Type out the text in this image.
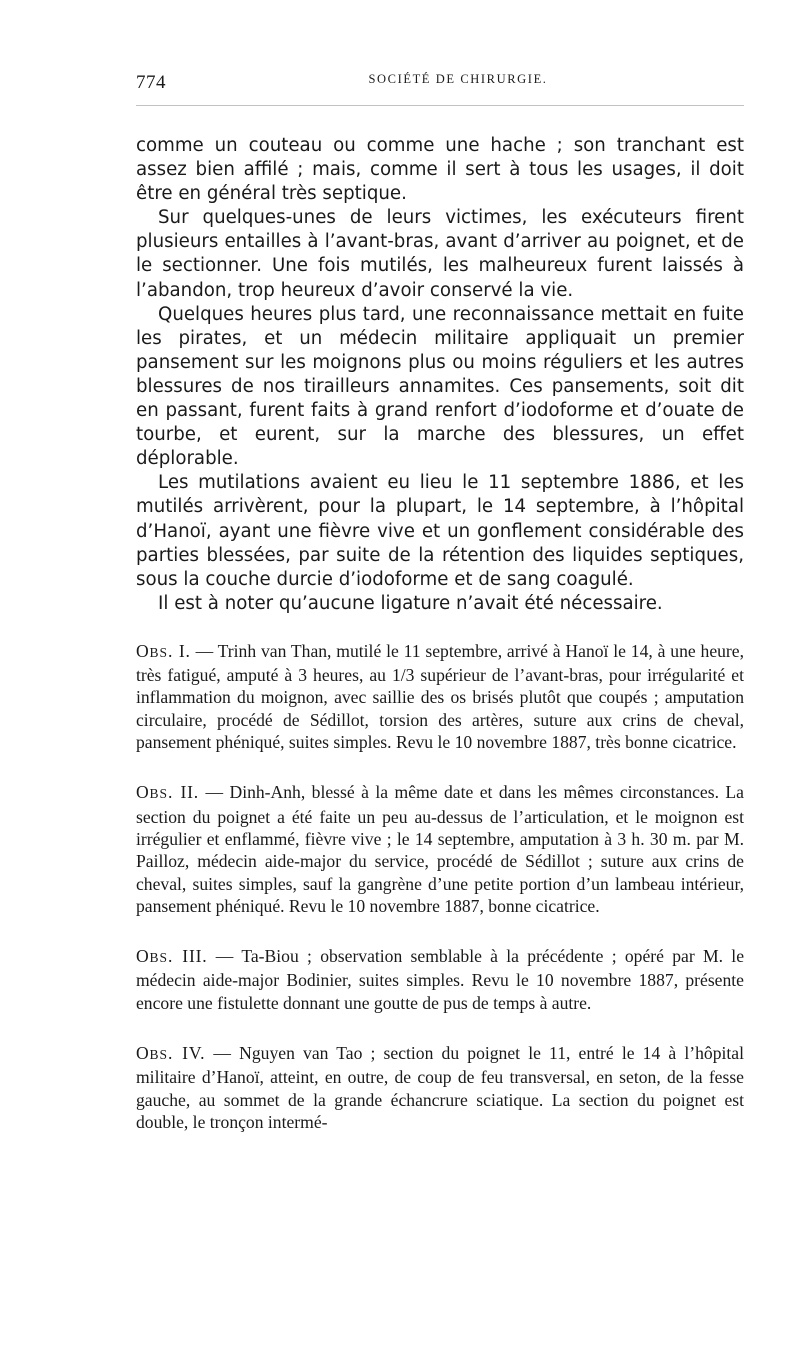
774	SOCIÉTÉ DE CHIRURGIE.

comme un couteau ou comme une hache ; son tranchant est assez bien affilé ; mais, comme il sert à tous les usages, il doit être en général très septique.

Sur quelques-unes de leurs victimes, les exécuteurs firent plusieurs entailles à l’avant-bras, avant d’arriver au poignet, et de le sectionner. Une fois mutilés, les malheureux furent laissés à l’abandon, trop heureux d’avoir conservé la vie.

Quelques heures plus tard, une reconnaissance mettait en fuite les pirates, et un médecin militaire appliquait un premier pansement sur les moignons plus ou moins réguliers et les autres blessures de nos tirailleurs annamites. Ces pansements, soit dit en passant, furent faits à grand renfort d’iodoforme et d’ouate de tourbe, et eurent, sur la marche des blessures, un effet déplorable.

Les mutilations avaient eu lieu le 11 septembre 1886, et les mutilés arrivèrent, pour la plupart, le 14 septembre, à l’hôpital d’Hanoï, ayant une fièvre vive et un gonflement considérable des parties blessées, par suite de la rétention des liquides septiques, sous la couche durcie d’iodoforme et de sang coagulé.

Il est à noter qu’aucune ligature n’avait été nécessaire.

OBS. I. — Trinh van Than, mutilé le 11 septembre, arrivé à Hanoï le 14, à une heure, très fatigué, amputé à 3 heures, au 1/3 supérieur de l’avant-bras, pour irrégularité et inflammation du moignon, avec saillie des os brisés plutôt que coupés ; amputation circulaire, procédé de Sédillot, torsion des artères, suture aux crins de cheval, pansement phéniqué, suites simples. Revu le 10 novembre 1887, très bonne cicatrice.

OBS. II. — Dinh-Anh, blessé à la même date et dans les mêmes circonstances. La section du poignet a été faite un peu au-dessus de l’articulation, et le moignon est irrégulier et enflammé, fièvre vive ; le 14 septembre, amputation à 3 h. 30 m. par M. Pailloz, médecin aide-major du service, procédé de Sédillot ; suture aux crins de cheval, suites simples, sauf la gangrène d’une petite portion d’un lambeau intérieur, pansement phéniqué. Revu le 10 novembre 1887, bonne cicatrice.

OBS. III. — Ta-Biou ; observation semblable à la précédente ; opéré par M. le médecin aide-major Bodinier, suites simples. Revu le 10 novembre 1887, présente encore une fistulette donnant une goutte de pus de temps à autre.

OBS. IV. — Nguyen van Tao ; section du poignet le 11, entré le 14 à l’hôpital militaire d’Hanoï, atteint, en outre, de coup de feu transversal, en seton, de la fesse gauche, au sommet de la grande échancrure sciatique. La section du poignet est double, le tronçon intermé-
